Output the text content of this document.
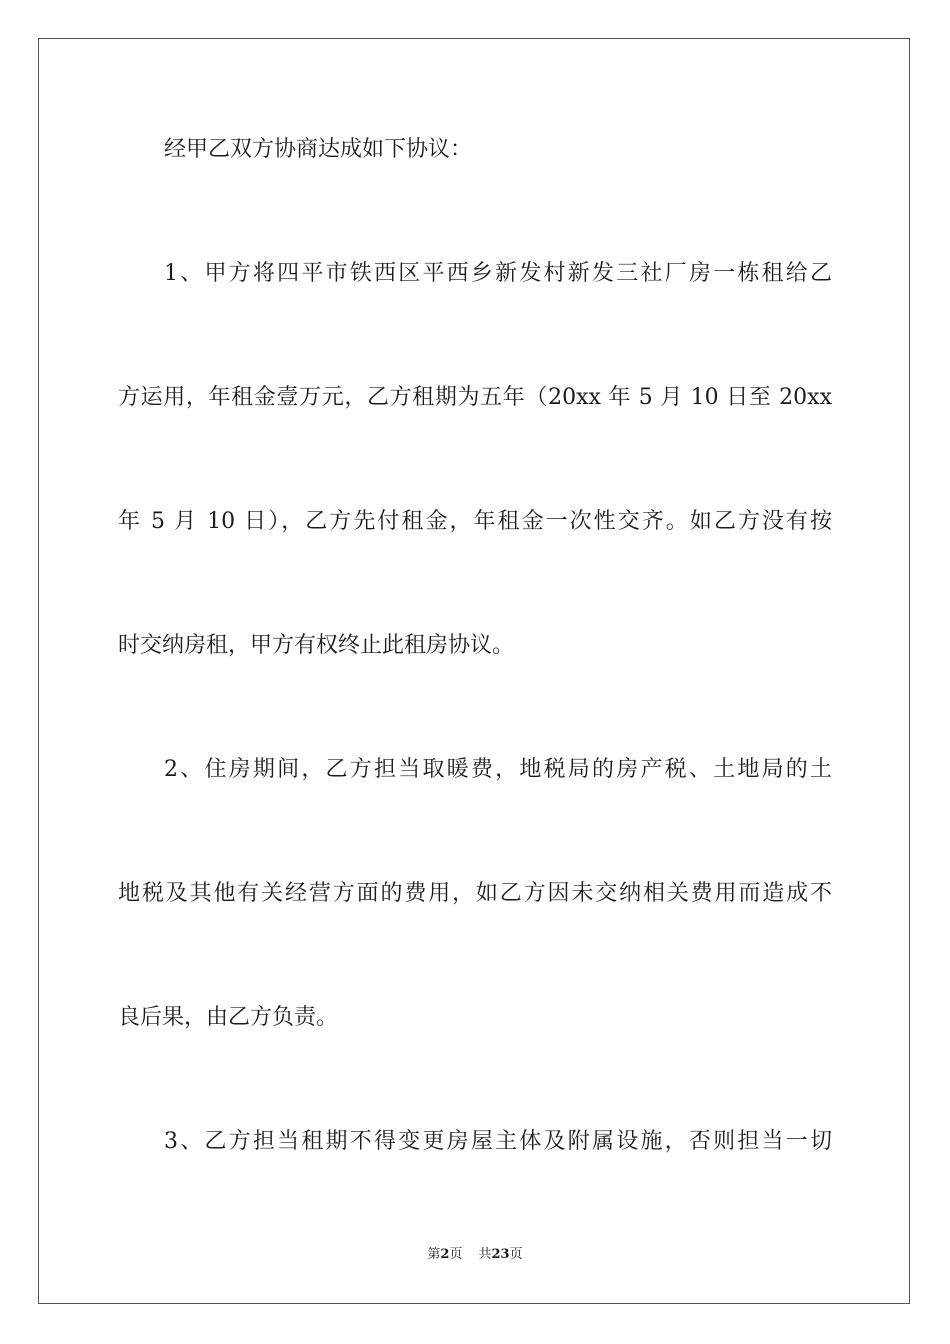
经甲乙双方协商达成如下协议：

1、甲方将四平市铁西区平西乡新发村新发三社厂房一栋租给乙

方运用，年租金壹万元，乙方租期为五年（20xx 年 5 月 10 日至 20xx

年 5 月 10 日），乙方先付租金，年租金一次性交齐。如乙方没有按

时交纳房租，甲方有权终止此租房协议。

2、住房期间，乙方担当取暖费，地税局的房产税、土地局的土

地税及其他有关经营方面的费用，如乙方因未交纳相关费用而造成不

良后果，由乙方负责。

3、乙方担当租期不得变更房屋主体及附属设施，否则担当一切

第2页 共23页
